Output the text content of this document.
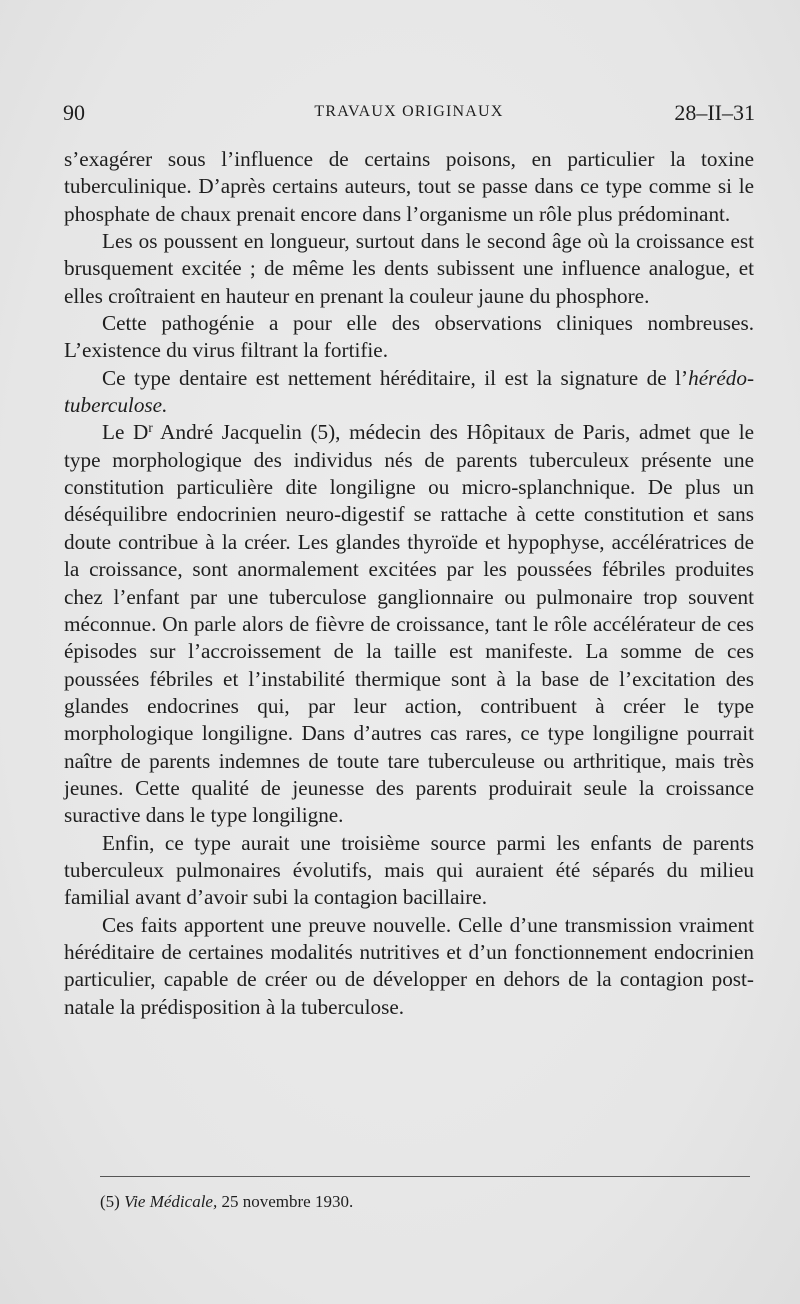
90	TRAVAUX ORIGINAUX	28–II–31

s’exagérer sous l’influence de certains poisons, en particulier la toxine tuberculinique. D’après certains auteurs, tout se passe dans ce type comme si le phosphate de chaux prenait encore dans l’organisme un rôle plus prédominant.

Les os poussent en longueur, surtout dans le second âge où la croissance est brusquement excitée ; de même les dents subissent une influence analogue, et elles croîtraient en hauteur en prenant la couleur jaune du phosphore.

Cette pathogénie a pour elle des observations cliniques nombreuses. L’existence du virus filtrant la fortifie.

Ce type dentaire est nettement héréditaire, il est la signature de l’hérédo-tuberculose.

Le $D^r$ André Jacquelin (5), médecin des Hôpitaux de Paris, admet que le type morphologique des individus nés de parents tuberculeux présente une constitution particulière dite longiligne ou micro-splanchnique. De plus un déséquilibre endocrinien neuro-digestif se rattache à cette constitution et sans doute contribue à la créer. Les glandes thyroïde et hypophyse, accélératrices de la croissance, sont anormalement excitées par les poussées fébriles produites chez l’enfant par une tuberculose ganglionnaire ou pulmonaire trop souvent méconnue. On parle alors de fièvre de croissance, tant le rôle accélérateur de ces épisodes sur l’accroissement de la taille est manifeste. La somme de ces poussées fébriles et l’instabilité thermique sont à la base de l’excitation des glandes endocrines qui, par leur action, contribuent à créer le type morphologique longiligne. Dans d’autres cas rares, ce type longiligne pourrait naître de parents indemnes de toute tare tuberculeuse ou arthritique, mais très jeunes. Cette qualité de jeunesse des parents produirait seule la croissance suractive dans le type longiligne.

Enfin, ce type aurait une troisième source parmi les enfants de parents tuberculeux pulmonaires évolutifs, mais qui auraient été séparés du milieu familial avant d’avoir subi la contagion bacillaire.

Ces faits apportent une preuve nouvelle. Celle d’une transmission vraiment héréditaire de certaines modalités nutritives et d’un fonctionnement endocrinien particulier, capable de créer ou de développer en dehors de la contagion post-natale la prédisposition à la tuberculose.

(5) Vie Médicale, 25 novembre 1930.
